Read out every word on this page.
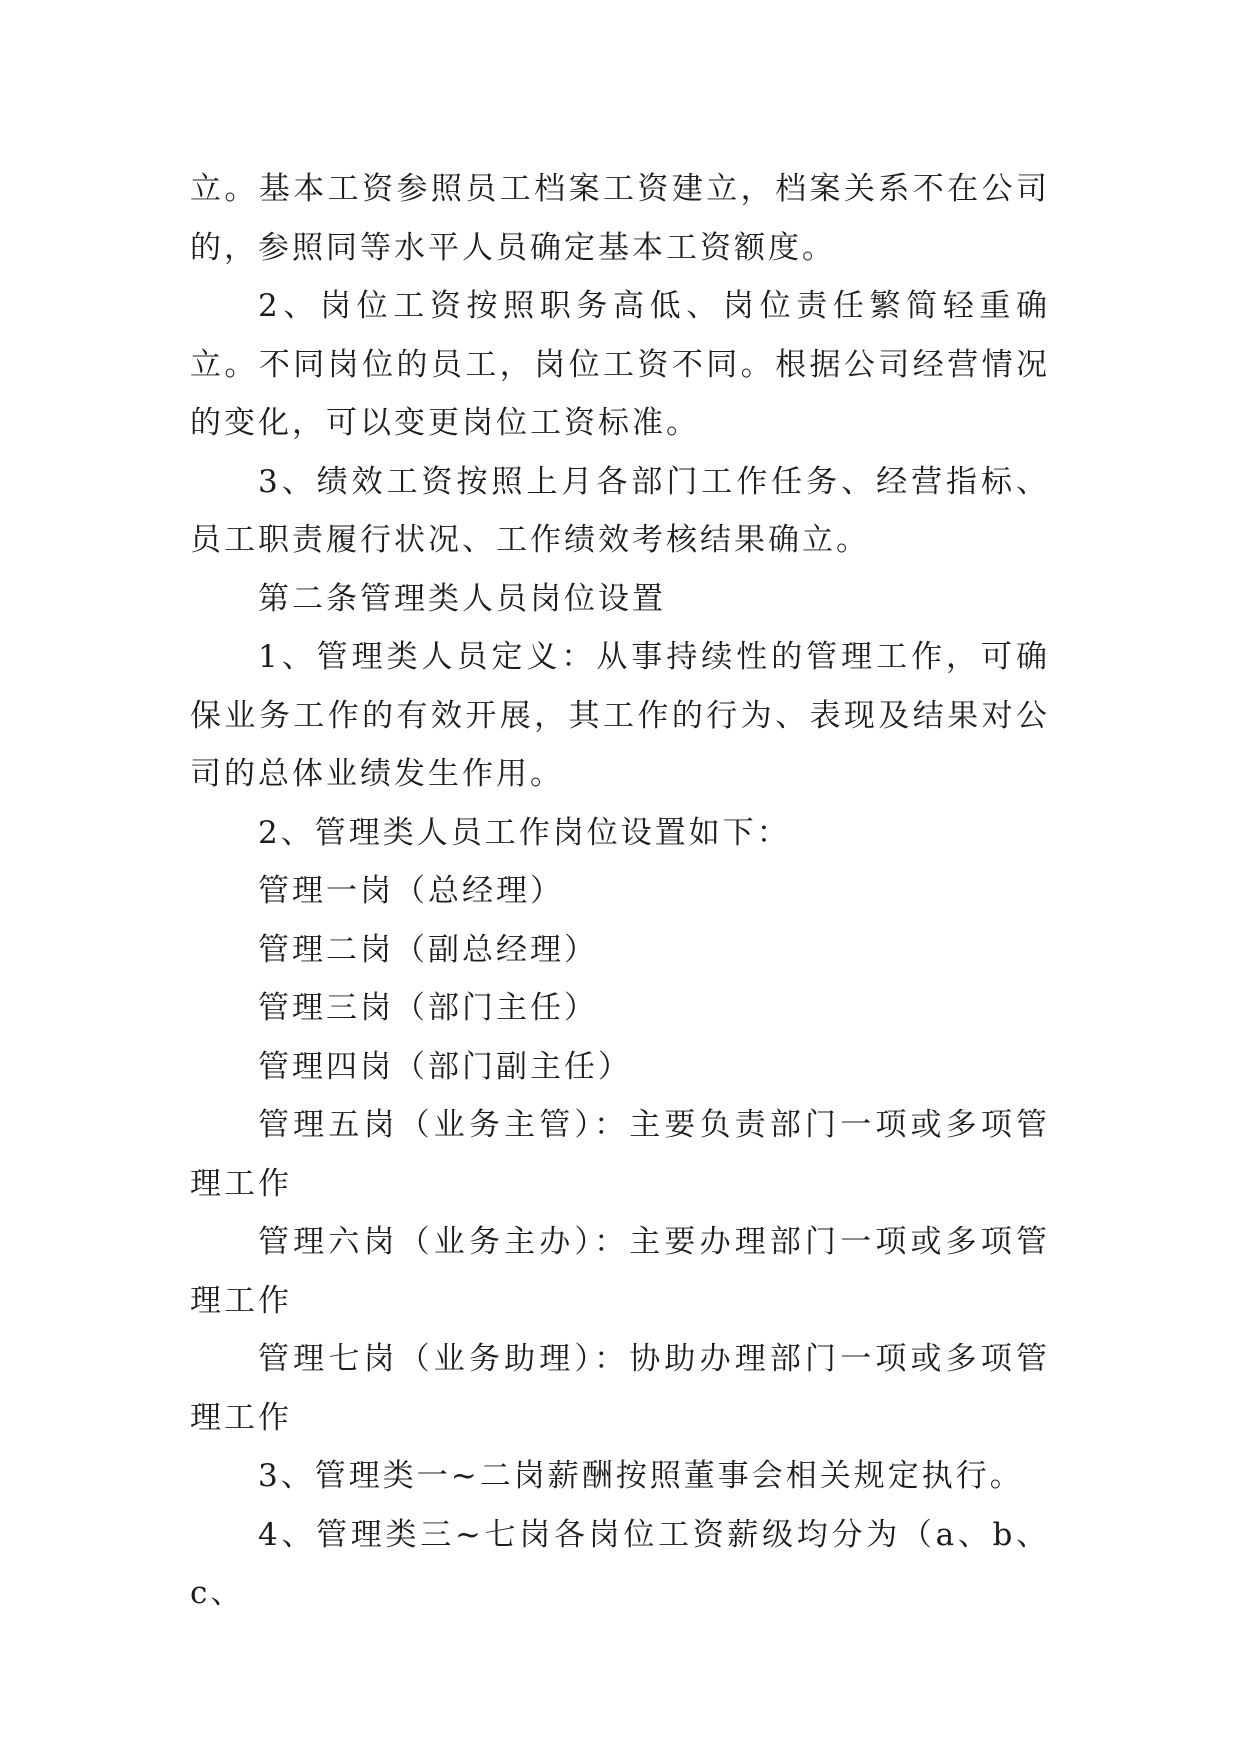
立。基本工资参照员工档案工资建立，档案关系不在公司的，参照同等水平人员确定基本工资额度。

2、岗位工资按照职务高低、岗位责任繁简轻重确立。不同岗位的员工，岗位工资不同。根据公司经营情况的变化，可以变更岗位工资标准。

3、绩效工资按照上月各部门工作任务、经营指标、员工职责履行状况、工作绩效考核结果确立。

第二条管理类人员岗位设置

1、管理类人员定义：从事持续性的管理工作，可确保业务工作的有效开展，其工作的行为、表现及结果对公司的总体业绩发生作用。

2、管理类人员工作岗位设置如下：

管理一岗（总经理）

管理二岗（副总经理）

管理三岗（部门主任）

管理四岗（部门副主任）

管理五岗（业务主管）：主要负责部门一项或多项管理工作

管理六岗（业务主办）：主要办理部门一项或多项管理工作

管理七岗（业务助理）：协助办理部门一项或多项管理工作

3、管理类一~二岗薪酬按照董事会相关规定执行。

4、管理类三~七岗各岗位工资薪级均分为（a、b、c、
